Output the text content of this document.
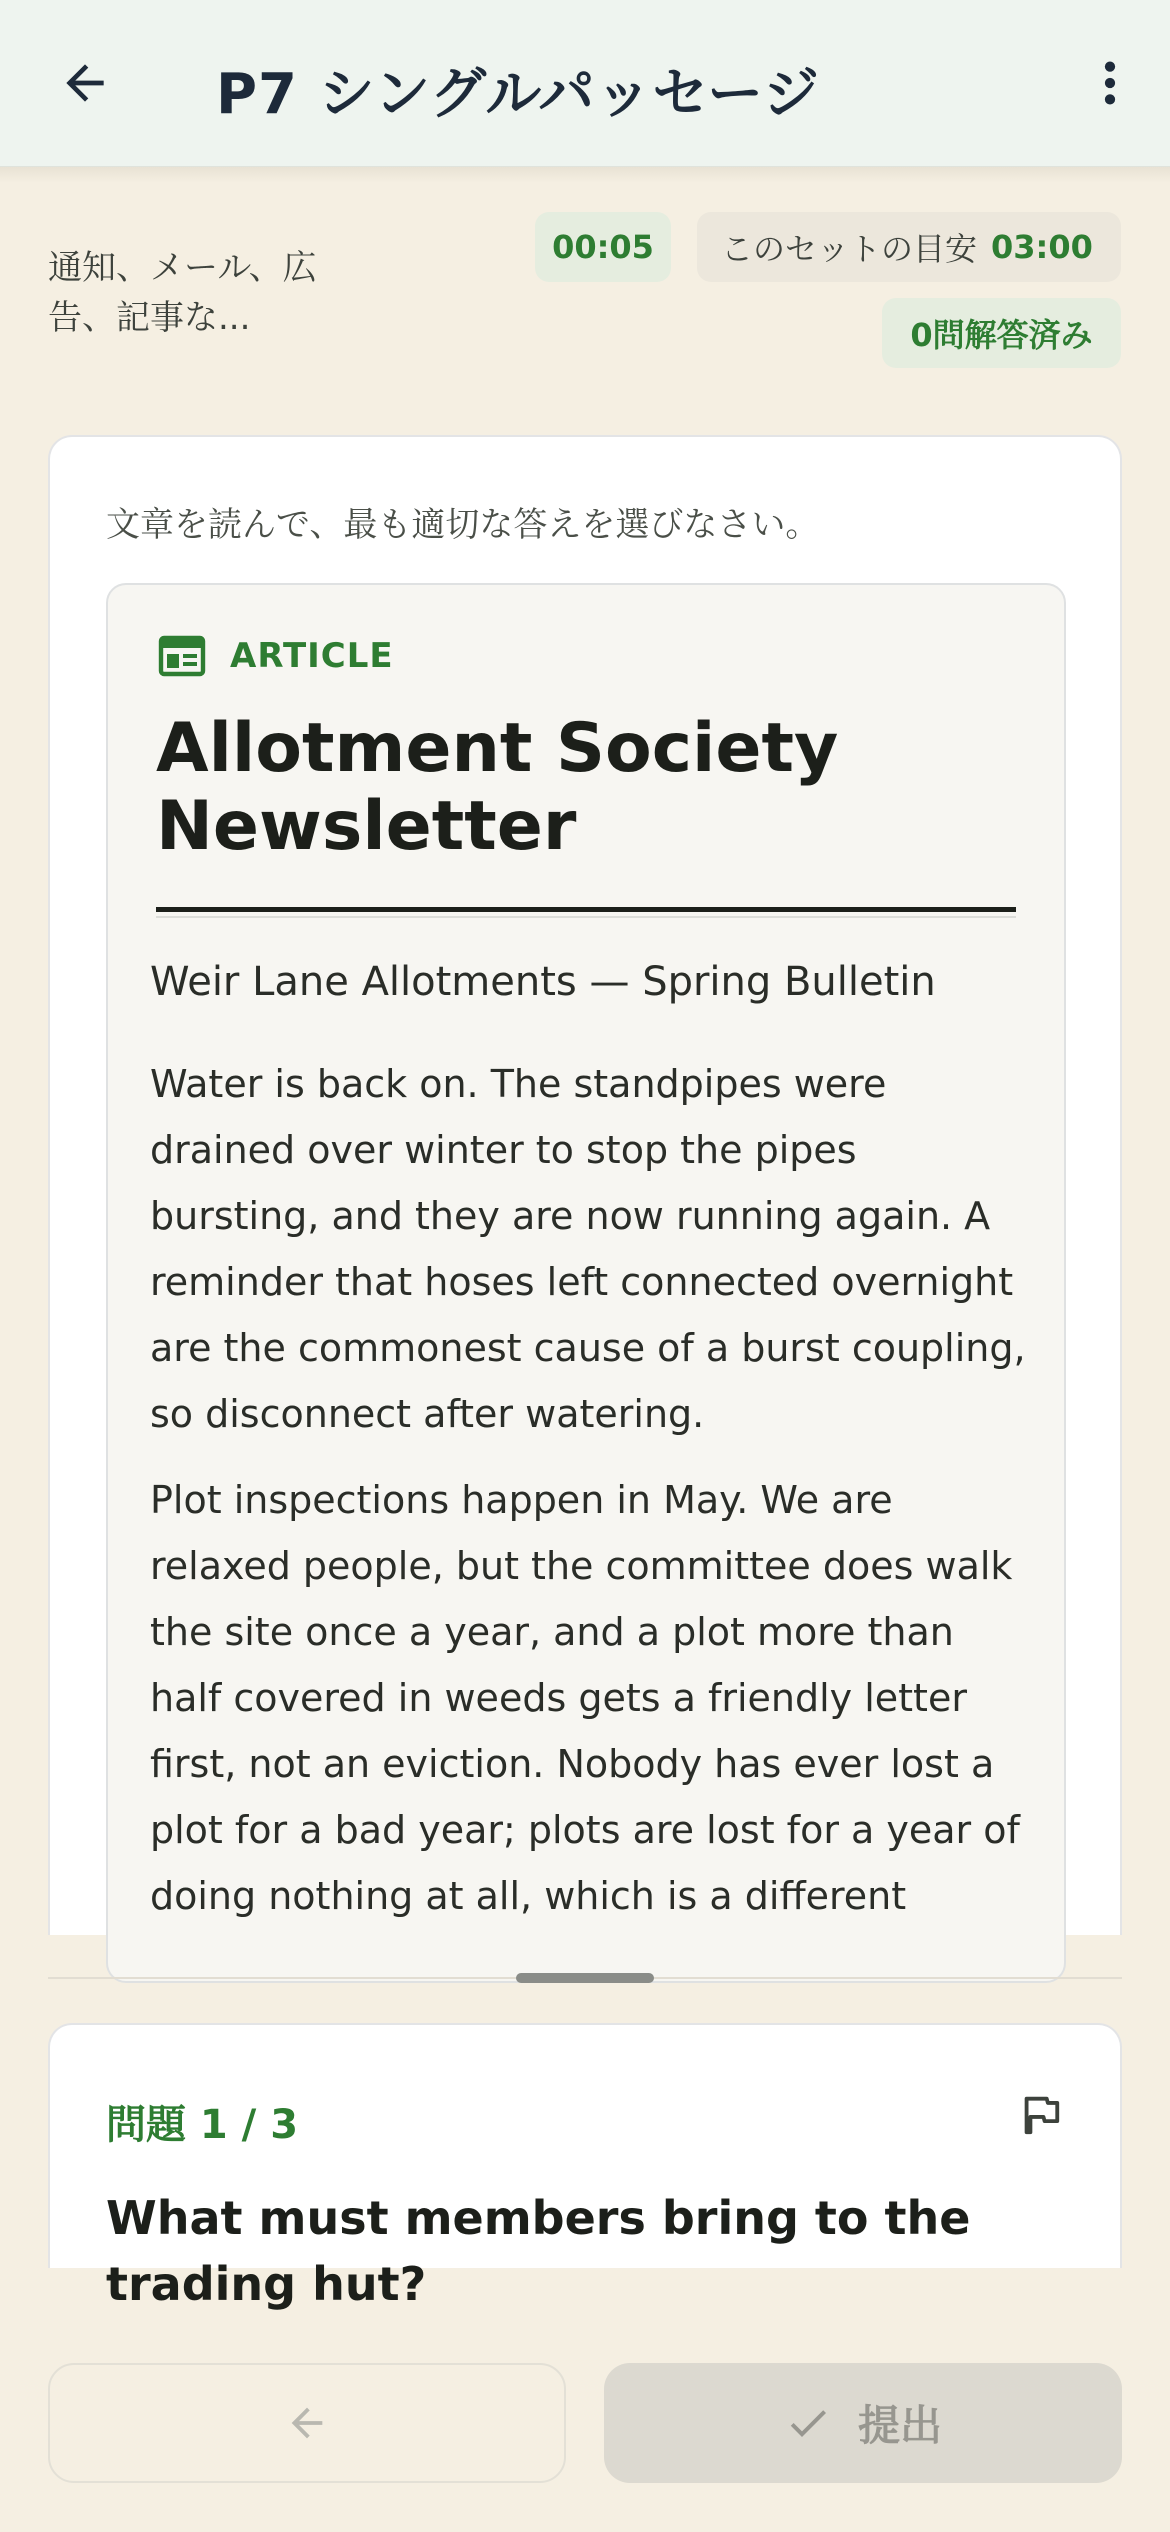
P7 シングルパッセージ
通知、メール、広告、記事な...
00:05	このセットの目安 03:00
0問解答済み
文章を読んで、最も適切な答えを選びなさい。
ARTICLE
Allotment Society Newsletter
Weir Lane Allotments — Spring Bulletin
Water is back on. The standpipes were drained over winter to stop the pipes bursting, and they are now running again. A reminder that hoses left connected overnight are the commonest cause of a burst coupling, so disconnect after watering.
Plot inspections happen in May. We are relaxed people, but the committee does walk the site once a year, and a plot more than half covered in weeds gets a friendly letter first, not an eviction. Nobody has ever lost a plot for a bad year; plots are lost for a year of doing nothing at all, which is a different
問題 1 / 3
What must members bring to the trading hut?
提出
